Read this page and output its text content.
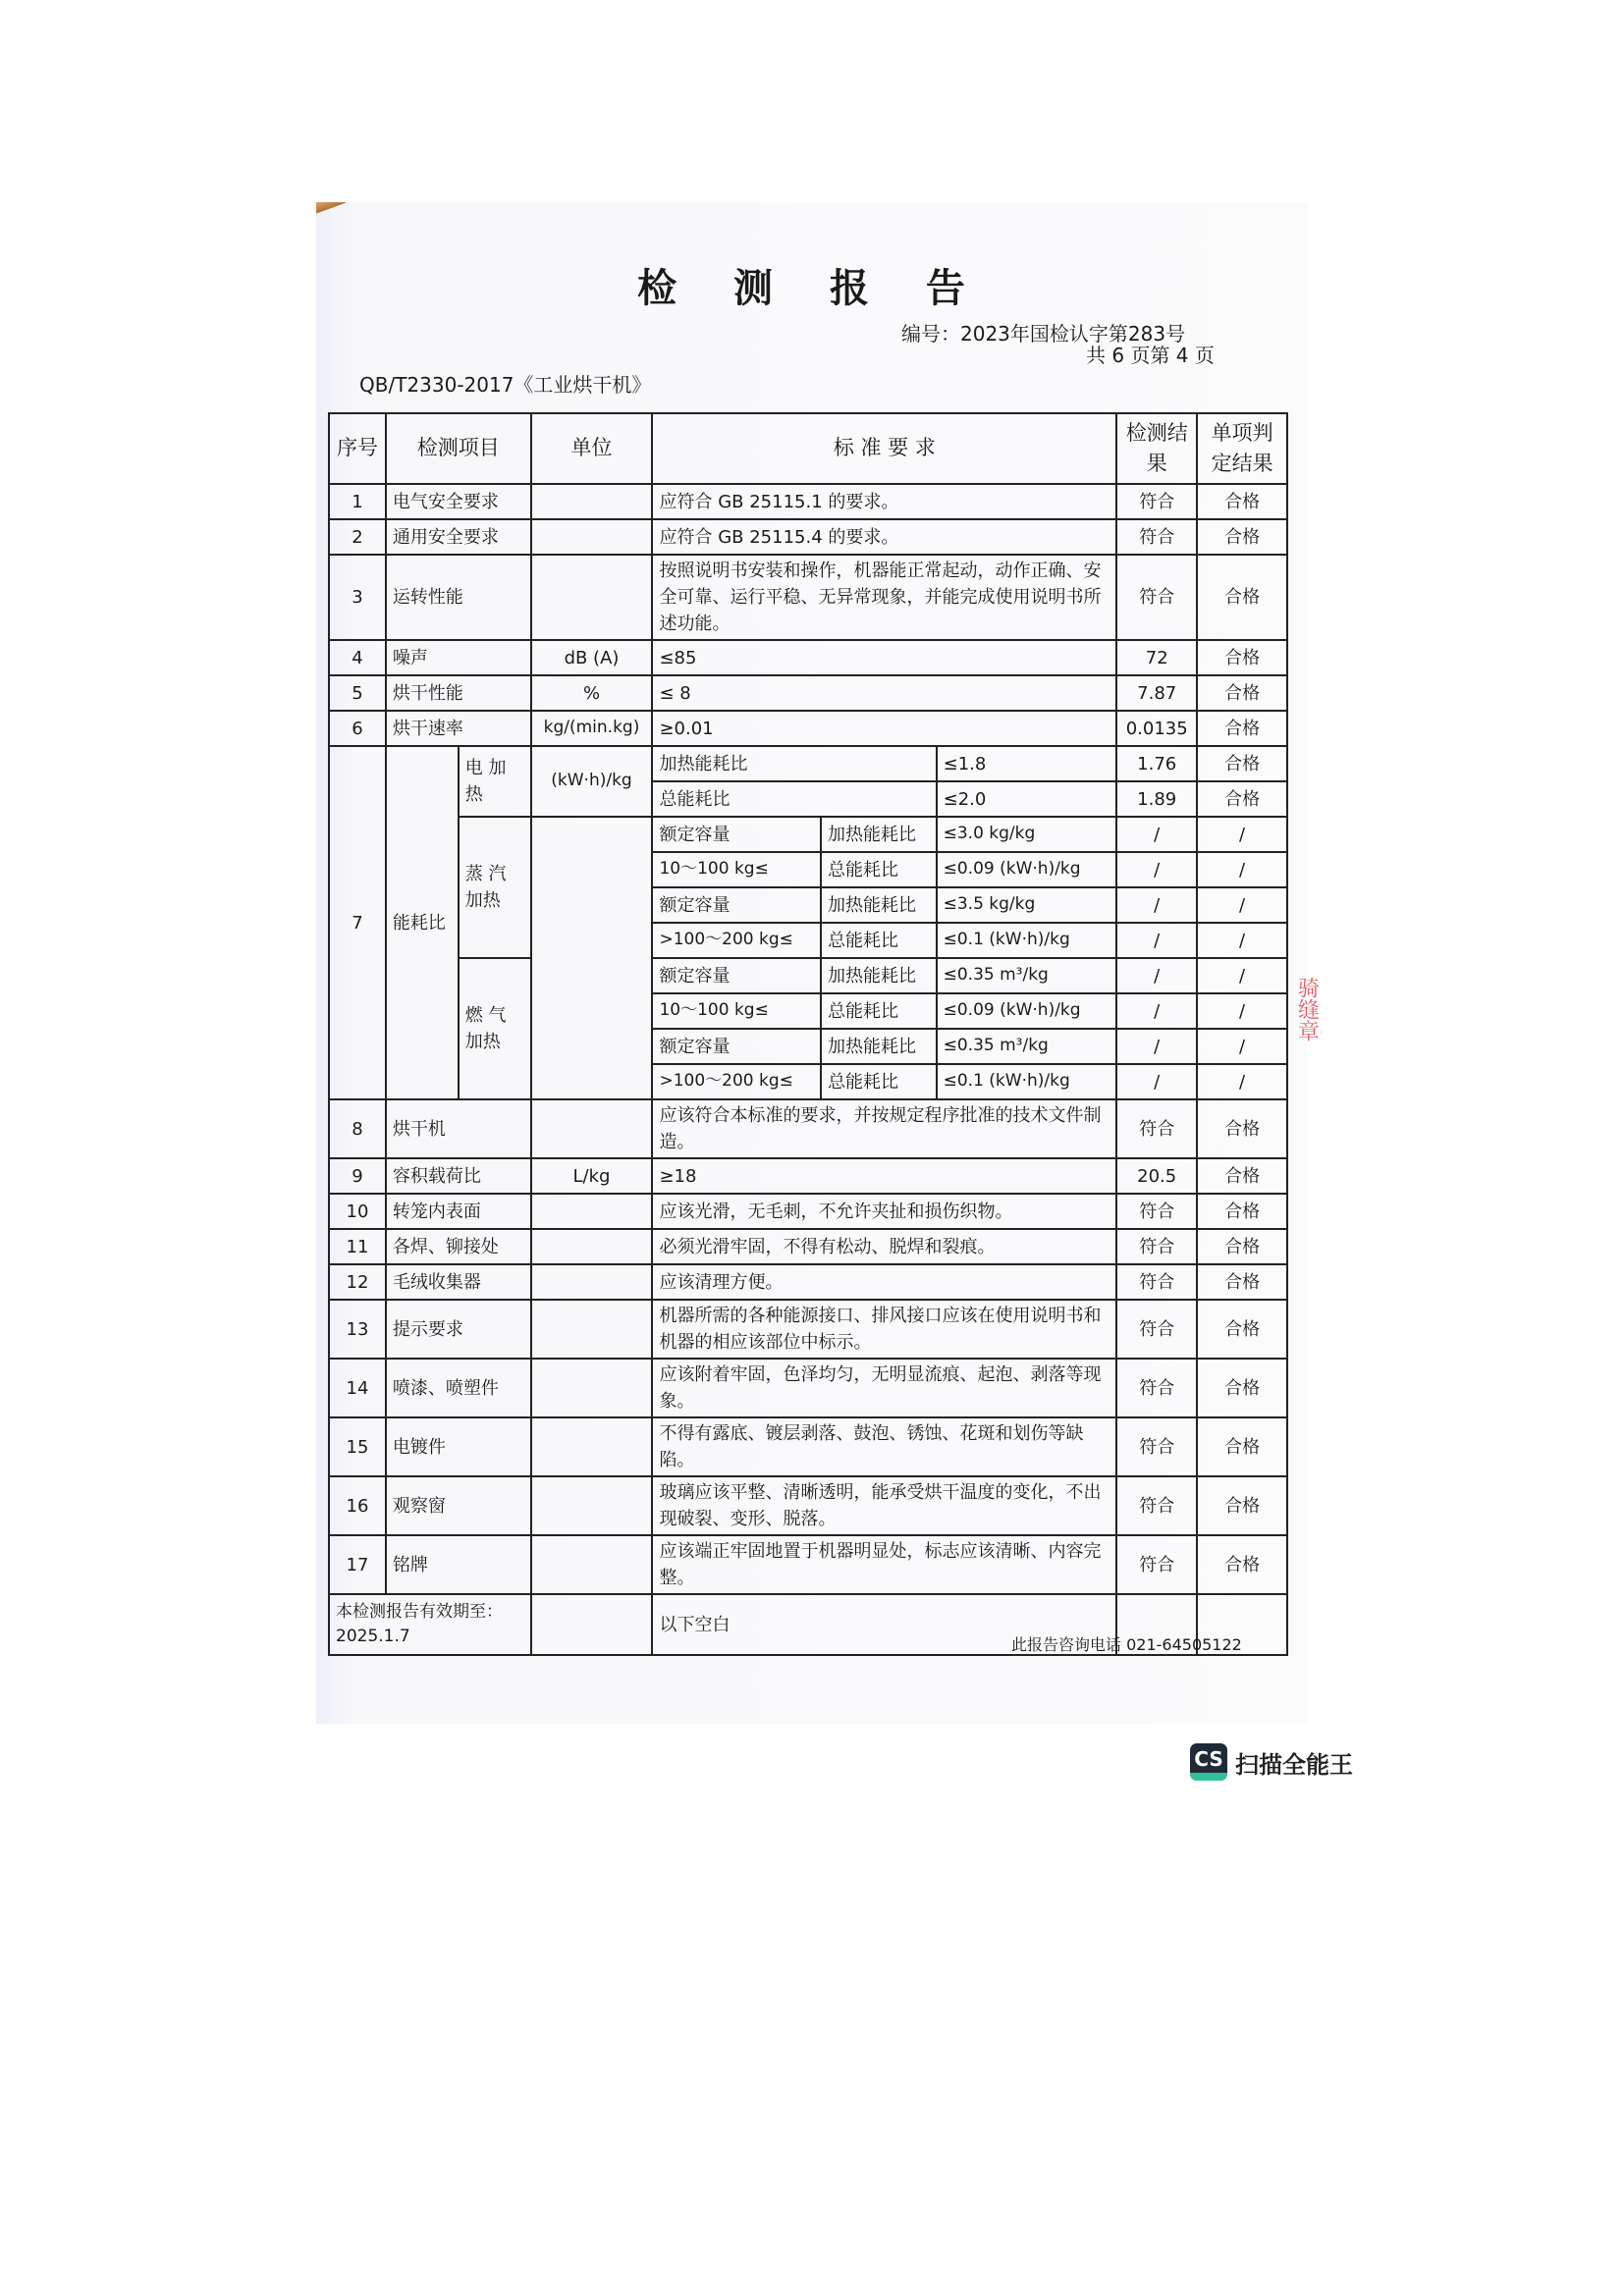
检 测 报 告
编号：2023年国检认字第283号
共 6 页第 4 页
QB/T2330-2017《工业烘干机》
序号	检测项目		单位	标 准 要 求			检测结果	单项判定结果
1	电气安全要求			应符合 GB 25115.1 的要求。			符合	合格
2	通用安全要求			应符合 GB 25115.4 的要求。			符合	合格
3	运转性能			按照说明书安装和操作，机器能正常起动，动作正确、安全可靠、运行平稳、无异常现象，并能完成使用说明书所述功能。			符合	合格
4	噪声		dB (A)	≤85			72	合格
5	烘干性能		%	≤ 8			7.87	合格
6	烘干速率		kg/(min.kg)	≥0.01			0.0135	合格
7	能耗比	电 加 热	(kW·h)/kg	加热能耗比		≤1.8	1.76	合格
				总能耗比		≤2.0	1.89	合格
		蒸 汽 加热		额定容量	加热能耗比	≤3.0 kg/kg	/	/
				10～100 kg≤	总能耗比	≤0.09 (kW·h)/kg	/	/
				额定容量	加热能耗比	≤3.5 kg/kg	/	/
				>100～200 kg≤	总能耗比	≤0.1 (kW·h)/kg	/	/
		燃 气 加热		额定容量	加热能耗比	≤0.35 m³/kg	/	/
				10～100 kg≤	总能耗比	≤0.09 (kW·h)/kg	/	/
				额定容量	加热能耗比	≤0.35 m³/kg	/	/
				>100～200 kg≤	总能耗比	≤0.1 (kW·h)/kg	/	/
8	烘干机			应该符合本标准的要求，并按规定程序批准的技术文件制造。			符合	合格
9	容积载荷比		L/kg	≥18			20.5	合格
10	转笼内表面			应该光滑，无毛刺，不允许夹扯和损伤织物。			符合	合格
11	各焊、铆接处			必须光滑牢固，不得有松动、脱焊和裂痕。			符合	合格
12	毛绒收集器			应该清理方便。			符合	合格
13	提示要求			机器所需的各种能源接口、排风接口应该在使用说明书和机器的相应该部位中标示。			符合	合格
14	喷漆、喷塑件			应该附着牢固，色泽均匀，无明显流痕、起泡、剥落等现象。			符合	合格
15	电镀件			不得有露底、镀层剥落、鼓泡、锈蚀、花斑和划伤等缺陷。			符合	合格
16	观察窗			玻璃应该平整、清晰透明，能承受烘干温度的变化，不出现破裂、变形、脱落。			符合	合格
17	铭牌			应该端正牢固地置于机器明显处，标志应该清晰、内容完整。			符合	合格
本检测报告有效期至：2025.1.7				以下空白				
此报告咨询电话 021-64505122
骑缝章
CS 扫描全能王
